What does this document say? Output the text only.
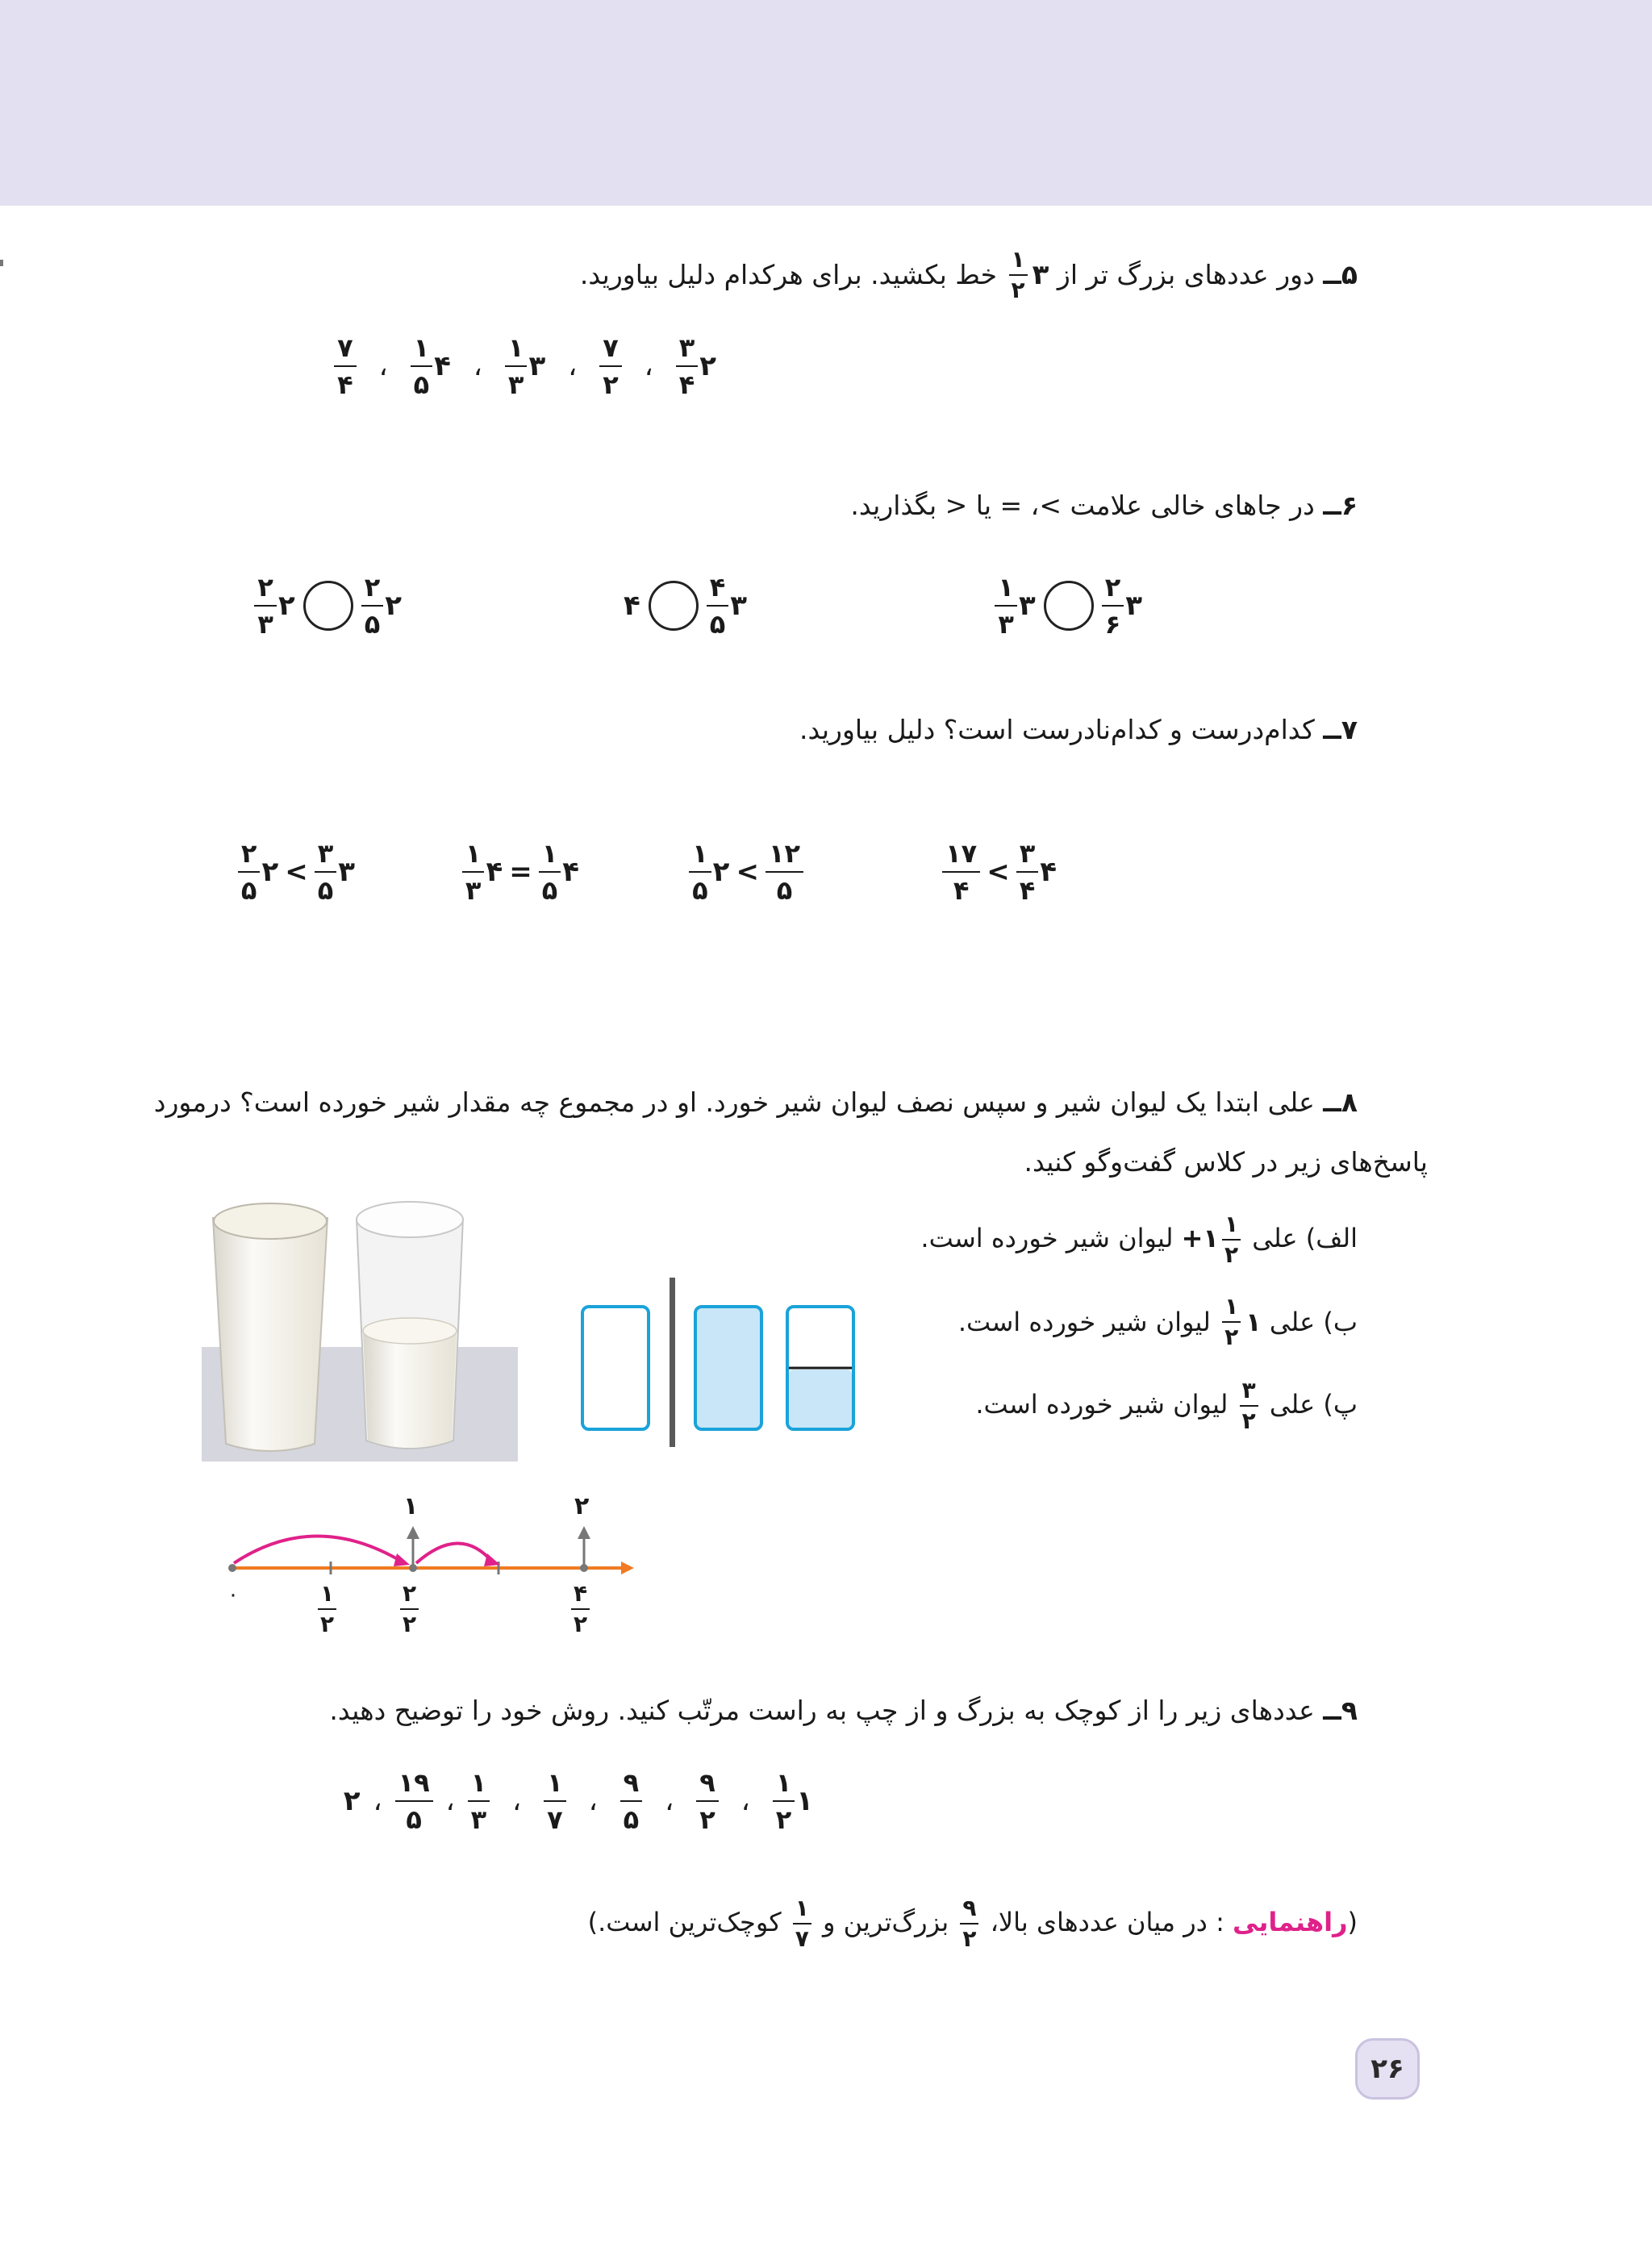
۵ــ دور عددهای بزرگ تر از
۳
$\frac{۱}{۲}$
خط بکشید. برای هرکدام دلیل بیاورید.
۲
$\frac{۳}{۴}$
،
$\frac{۷}{۲}$
،
۳
$\frac{۱}{۳}$
،
۴
$\frac{۱}{۵}$
،
$\frac{۷}{۴}$
۶ــ در جاهای خالی علامت >، = یا < بگذارید.
۳
$\frac{۲}{۶}$
۳
$\frac{۱}{۳}$
۳
$\frac{۴}{۵}$
۴
۲
$\frac{۲}{۵}$
۲
$\frac{۲}{۳}$
۷ــ کدام‌درست و کدام‌نادرست است؟ دلیل بیاورید.
۴
$\frac{۳}{۴}$
>
$\frac{۱۷}{۴}$
$\frac{۱۲}{۵}$
>
۲
$\frac{۱}{۵}$
۴
$\frac{۱}{۵}$
=
۴
$\frac{۱}{۳}$
۳
$\frac{۳}{۵}$
>
۲
$\frac{۲}{۵}$
۸ــ علی ابتدا یک لیوان شیر و سپس نصف لیوان شیر خورد. او در مجموع چه مقدار شیر خورده است؟ درمورد
پاسخ‌های زیر در کلاس گفت‌وگو کنید.
الف) علی
$\frac{۱}{۲}$
۱+ لیوان شیر خورده است.
ب) علی
۱
$\frac{۱}{۲}$
لیوان شیر خورده است.
پ) علی
$\frac{۳}{۲}$
لیوان شیر خورده است.
۱	۲
۰	۱
۲
۲
۲
۴
۲
۹ــ عددهای زیر را از کوچک به بزرگ و از چپ به راست مرتّب کنید. روش خود را توضیح دهید.
۱
$\frac{۱}{۲}$
،
$\frac{۹}{۲}$
،
$\frac{۹}{۵}$
،
$\frac{۱}{۷}$
،
$\frac{۱}{۳}$
،
$\frac{۱۹}{۵}$
،
۲
(راهنمایی : در میان عددهای بالا،
$\frac{۹}{۲}$
بزرگ‌ترین و
$\frac{۱}{۷}$
کوچک‌ترین است.)
۲۶
